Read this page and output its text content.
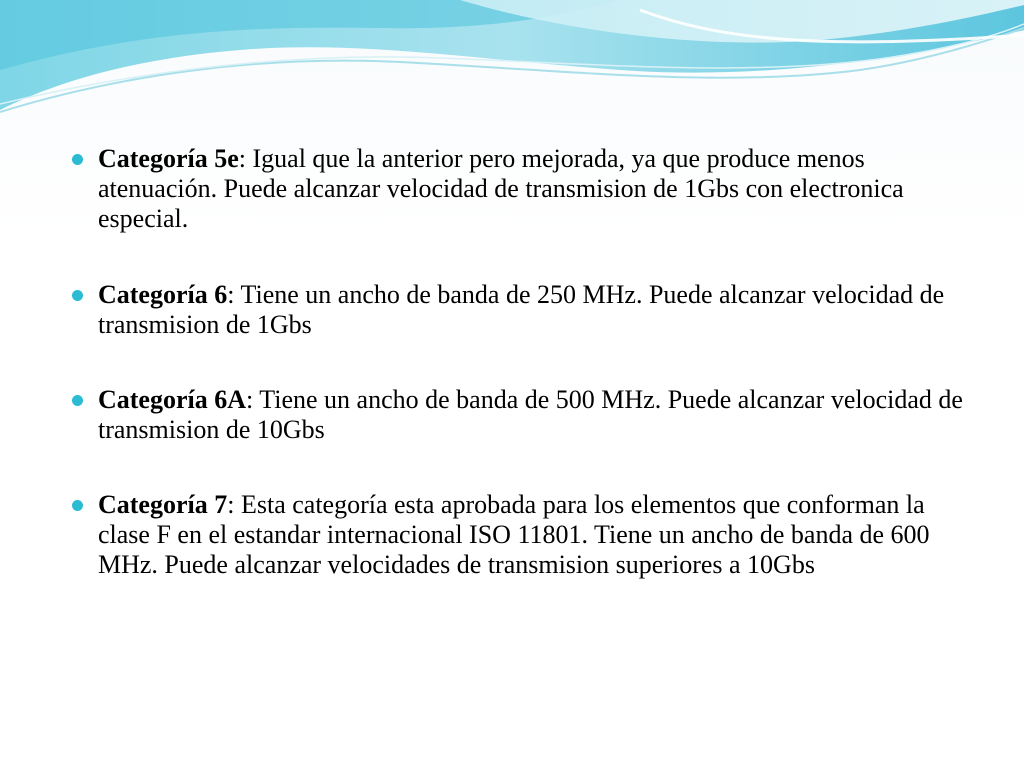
Categoría 5e: Igual que la anterior pero mejorada, ya que produce menos atenuación. Puede alcanzar velocidad de transmision de 1Gbs con electronica especial.
Categoría 6: Tiene un ancho de banda de 250 MHz. Puede alcanzar velocidad de transmision de 1Gbs
Categoría 6A: Tiene un ancho de banda de 500 MHz. Puede alcanzar velocidad de transmision de 10Gbs
Categoría 7: Esta categoría esta aprobada para los elementos que conforman la clase F en el estandar internacional ISO 11801. Tiene un ancho de banda de 600 MHz. Puede alcanzar velocidades de transmision superiores a 10Gbs
